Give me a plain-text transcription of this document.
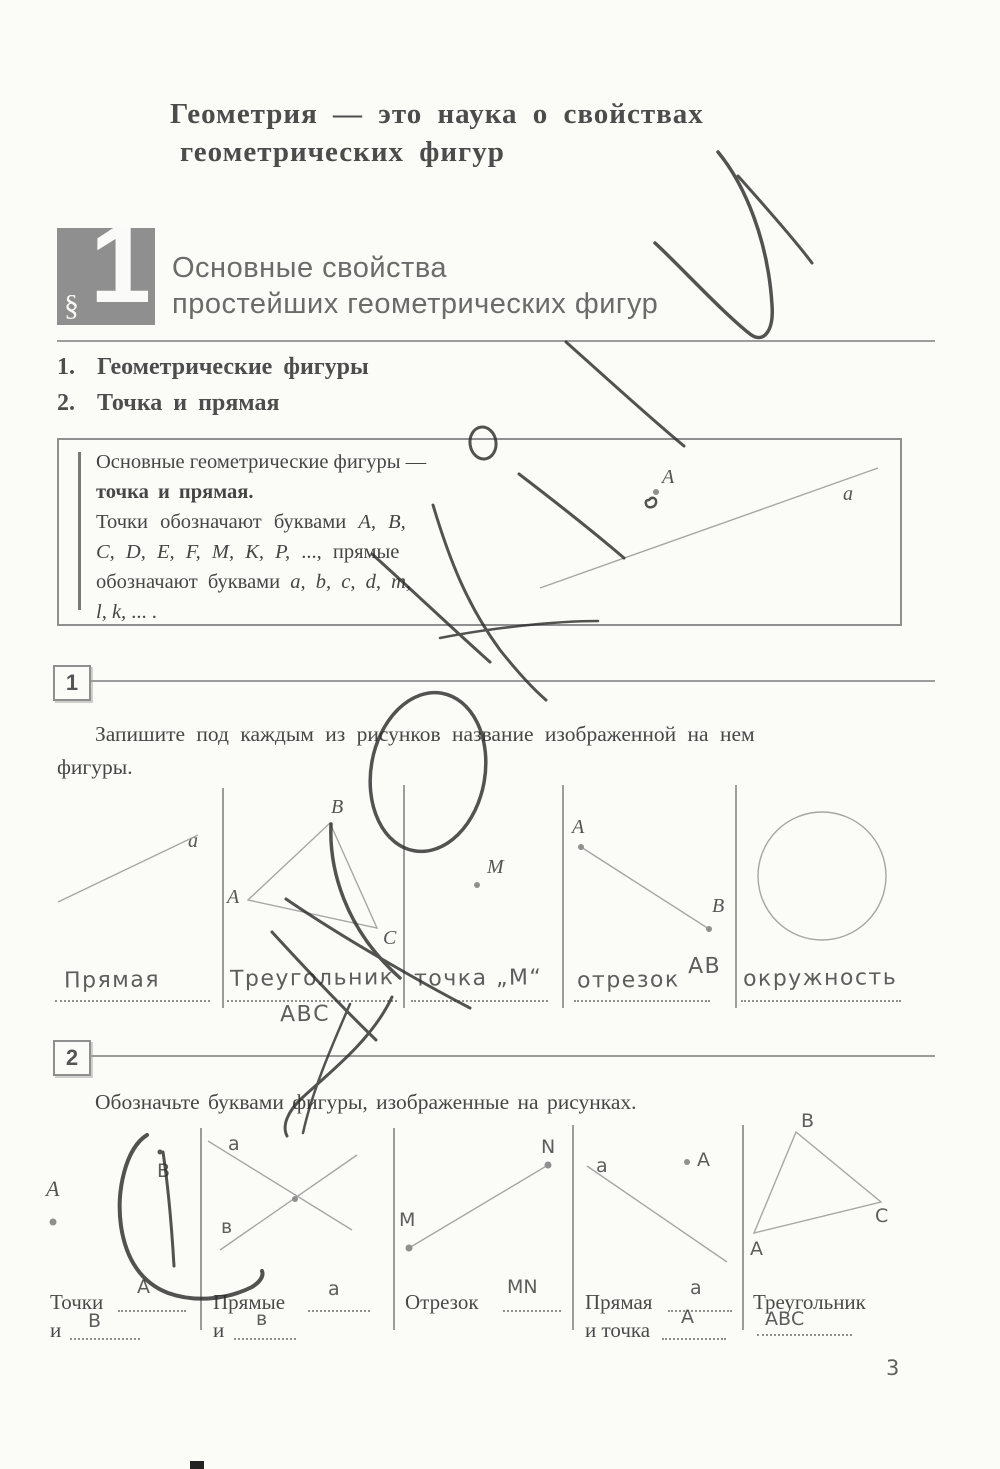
Геометрия — это наука о свойствах
геометрических фигур
1
§
Основные свойства
простейших геометрических фигур
1. Геометрические фигуры
2. Точка и прямая
Основные геометрические фигуры —
точка и прямая.
Точки обозначают буквами A, B,
C, D, E, F, M, K, P, ..., прямые
обозначают буквами a, b, c, d, m,
l, k, ... .
A
a
1
Запишите под каждым из рисунков название изображенной на нем
фигуры.
a
A
B
C
M
A
B
Прямая	Треугольник
АВС
точка „М“ отрезок
АВ окружность
2
Обозначьте буквами фигуры, изображенные на рисунках.
A
В
а
в	М
N
а	А
В
С
А
Точки
А
и В
Прямые
а
и в
Отрезок
МN
Прямая
а
и точка
А
Треугольник
АВС
3
